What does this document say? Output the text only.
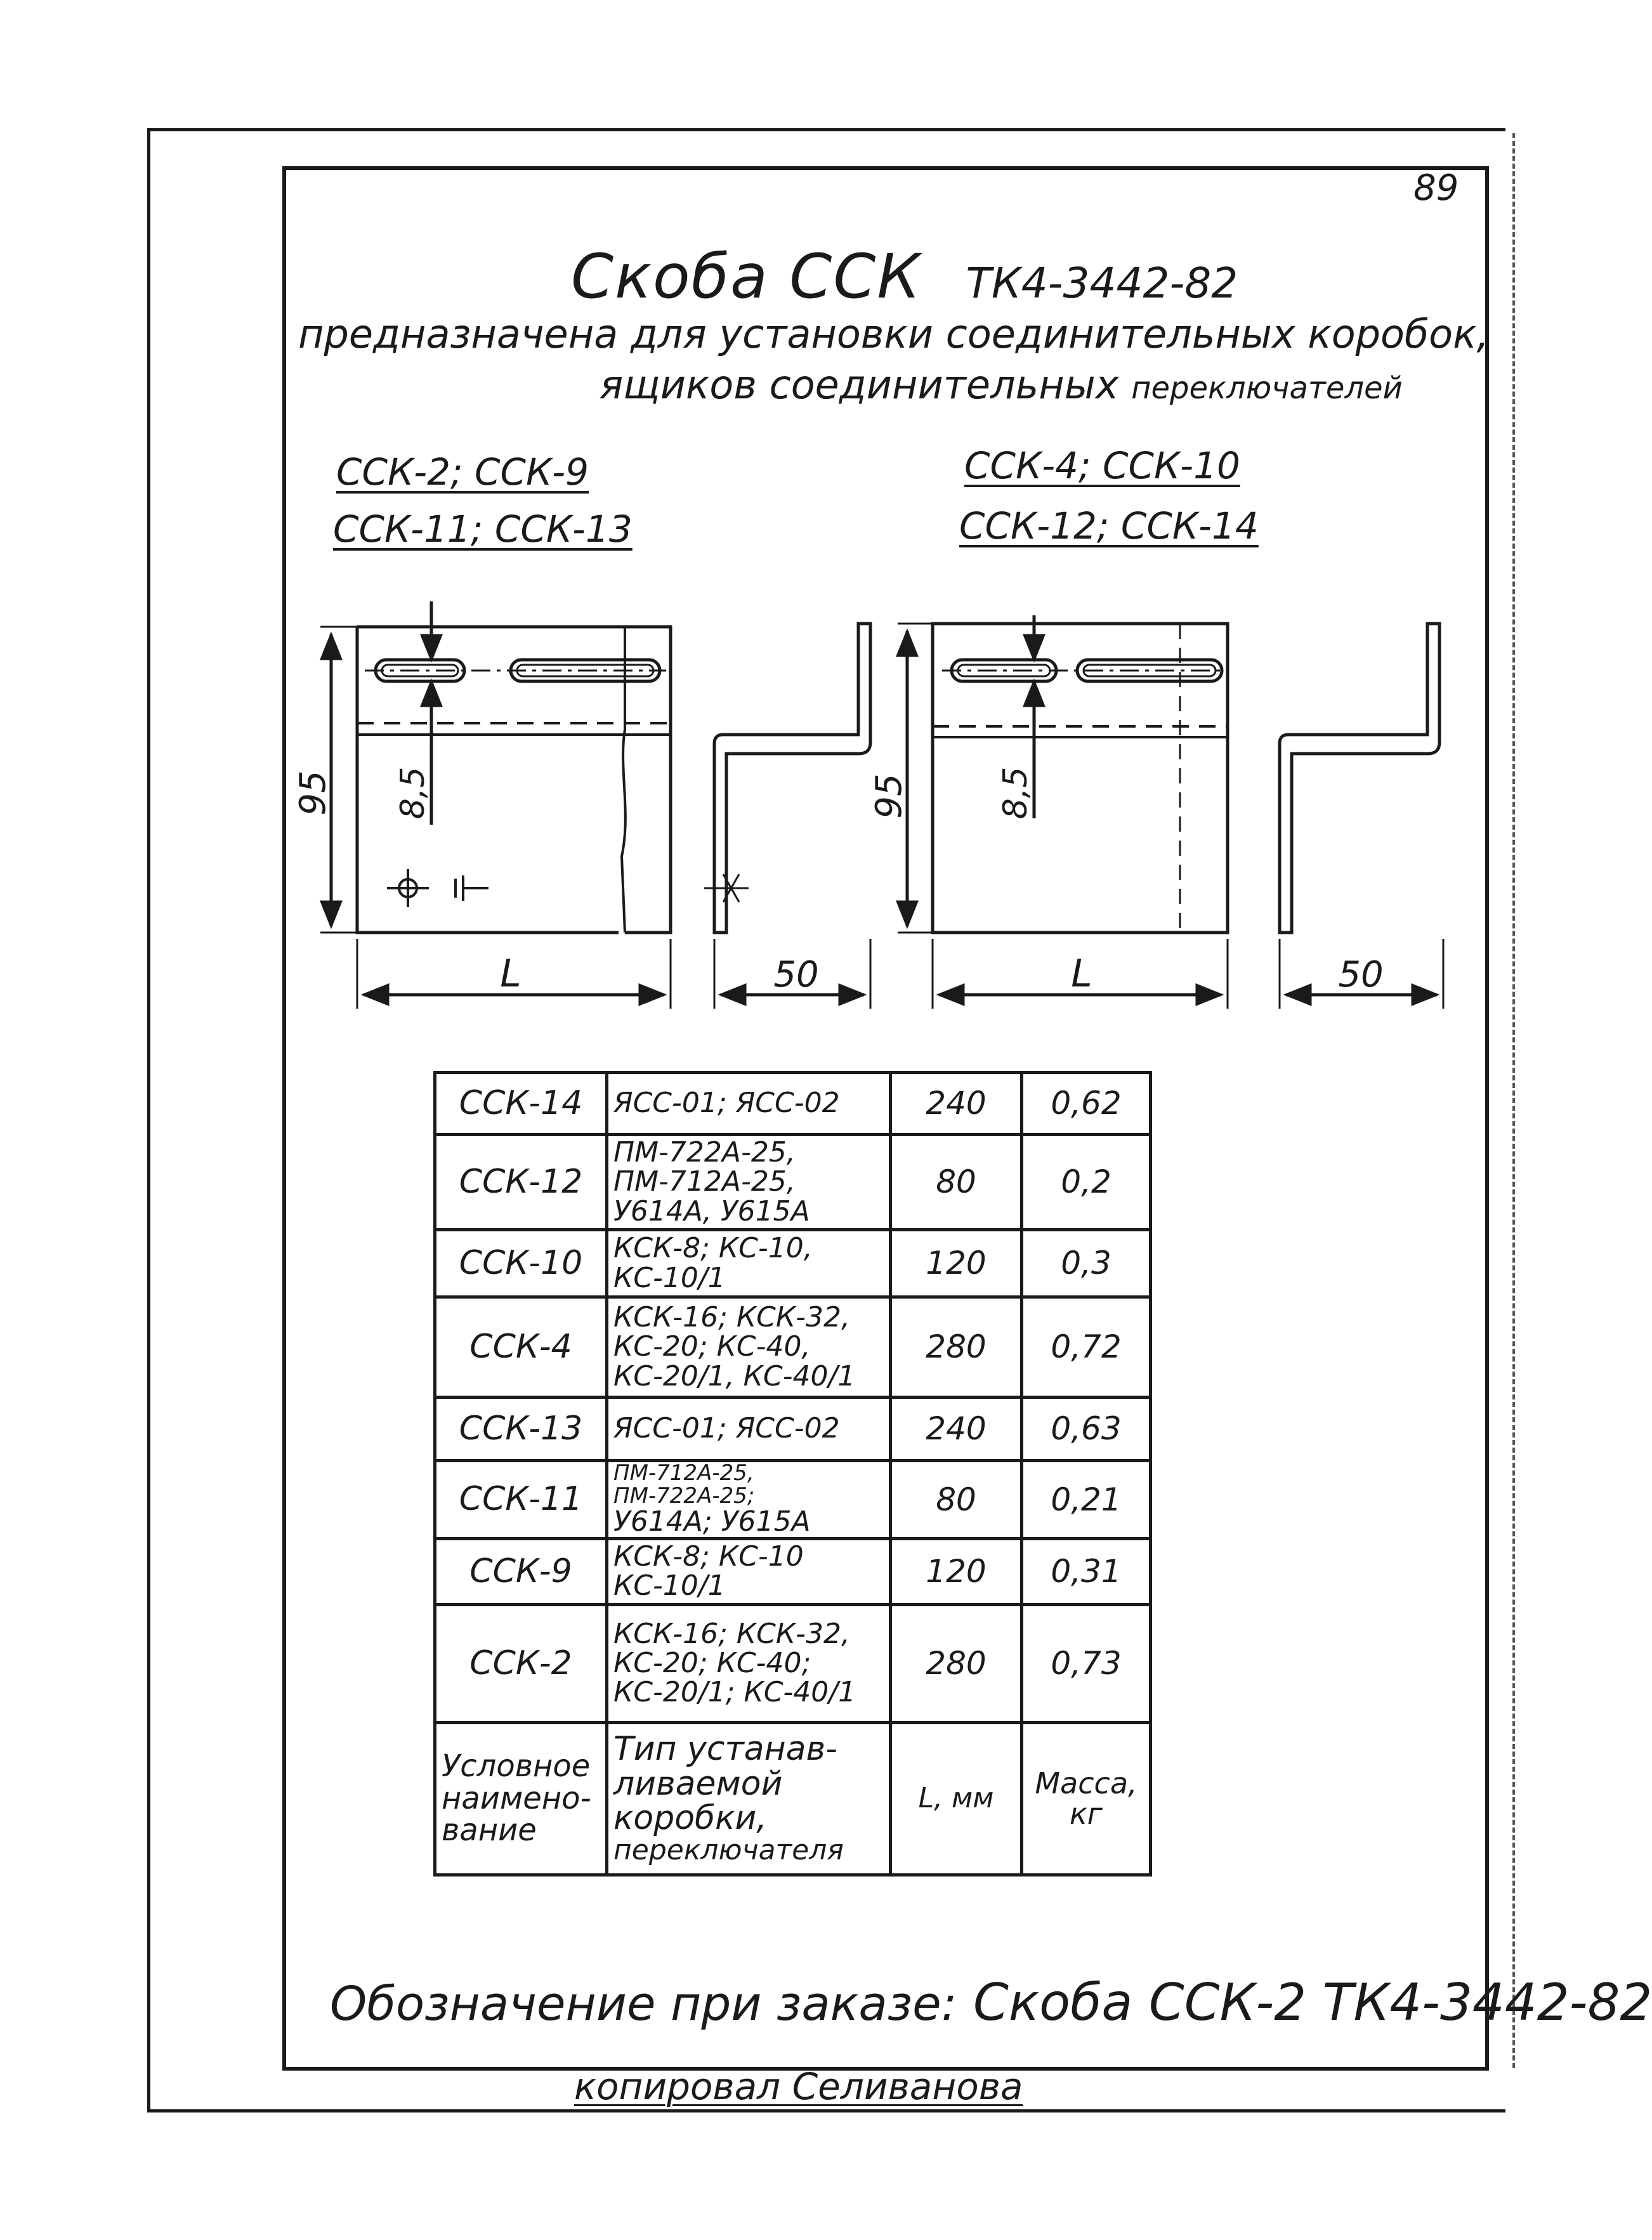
89
Скоба ССК ТК4-3442-82
предназначена для установки соединительных коробок,
ящиков соединительных переключателей
ССК-2; ССК-9
ССК-11; ССК-13
ССК-4; ССК-10
ССК-12; ССК-14
95 8,5
L	50
95	8,5
L	50
ССК-14	ЯСС-01; ЯСС-02	240	0,62
ССК-12	ПМ-722А-25,
ПМ-712А-25,
У614А, У615А	80	0,2
ССК-10	КСК-8; КС-10,
КС-10/1	120	0,3
ССК-4	КСК-16; КСК-32,
КС-20; КС-40,
КС-20/1, КС-40/1	280	0,72
ССК-13	ЯСС-01; ЯСС-02	240	0,63
ССК-11	ПМ-712А-25, ПМ-722А-25;
У614А; У615А	80	0,21
ССК-9	КСК-8; КС-10
КС-10/1	120	0,31
ССК-2	КСК-16; КСК-32,
КС-20; КС-40;
КС-20/1; КС-40/1	280	0,73

Условное
наимено-
вание	Тип устанав-
ливаемой
коробки,
переключателя	L, мм	Масса,
кг
Обозначение при заказе: Скоба ССК-2 ТК4-3442-82
копировал Селиванова
